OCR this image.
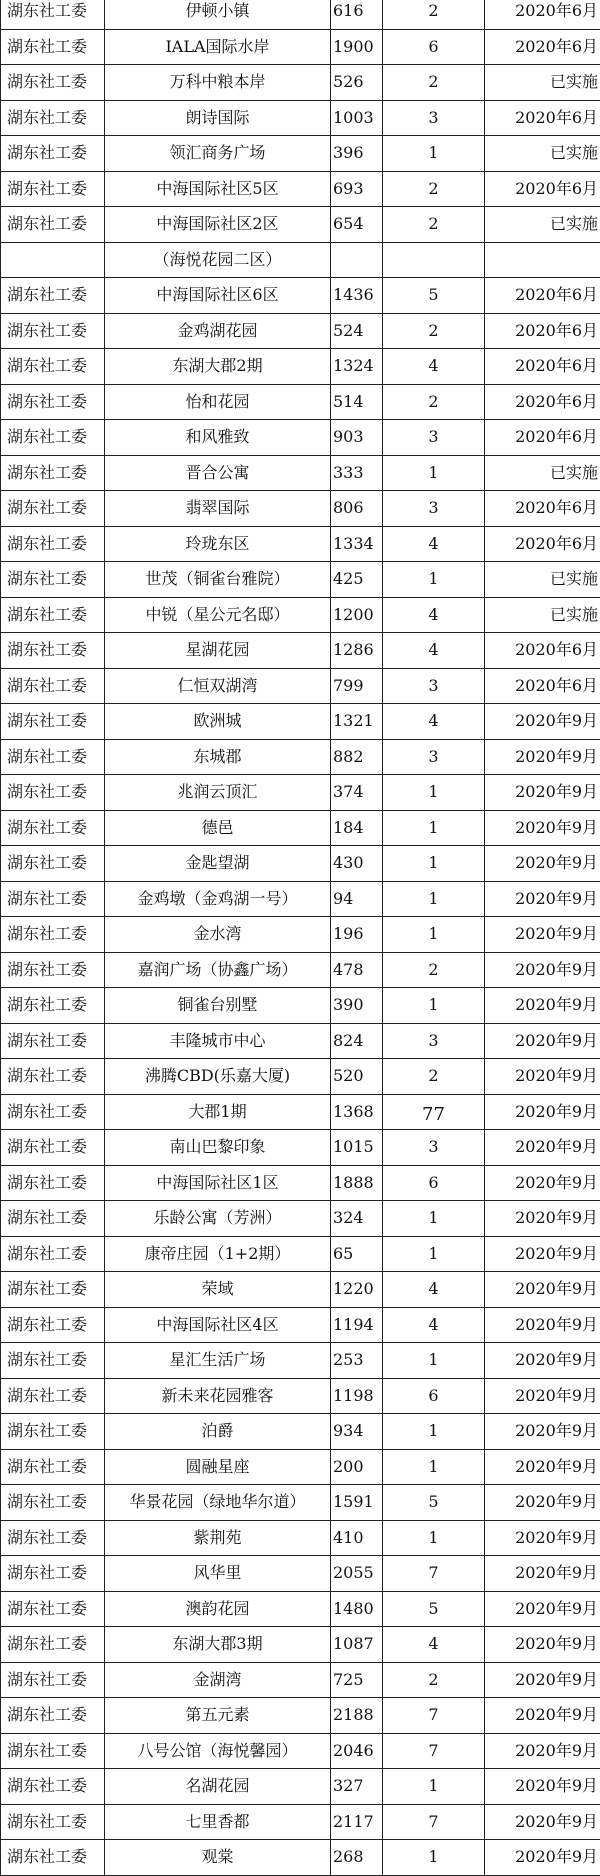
湖东社工委	伊顿小镇	616	2	2020年6月
湖东社工委	IALA国际水岸	1900	6	2020年6月
湖东社工委	万科中粮本岸	526	2	已实施
湖东社工委	朗诗国际	1003	3	2020年6月
湖东社工委	领汇商务广场	396	1	已实施
湖东社工委	中海国际社区5区	693	2	2020年6月
湖东社工委	中海国际社区2区	654	2	已实施
	（海悦花园二区）			
湖东社工委	中海国际社区6区	1436	5	2020年6月
湖东社工委	金鸡湖花园	524	2	2020年6月
湖东社工委	东湖大郡2期	1324	4	2020年6月
湖东社工委	怡和花园	514	2	2020年6月
湖东社工委	和风雅致	903	3	2020年6月
湖东社工委	晋合公寓	333	1	已实施
湖东社工委	翡翠国际	806	3	2020年6月
湖东社工委	玲珑东区	1334	4	2020年6月
湖东社工委	世茂（铜雀台雅院）	425	1	已实施
湖东社工委	中锐（星公元名邸）	1200	4	已实施
湖东社工委	星湖花园	1286	4	2020年6月
湖东社工委	仁恒双湖湾	799	3	2020年6月
湖东社工委	欧洲城	1321	4	2020年9月
湖东社工委	东城郡	882	3	2020年9月
湖东社工委	兆润云顶汇	374	1	2020年9月
湖东社工委	德邑	184	1	2020年9月
湖东社工委	金匙望湖	430	1	2020年9月
湖东社工委	金鸡墩（金鸡湖一号）	94	1	2020年9月
湖东社工委	金水湾	196	1	2020年9月
湖东社工委	嘉润广场（协鑫广场）	478	2	2020年9月
湖东社工委	铜雀台别墅	390	1	2020年9月
湖东社工委	丰隆城市中心	824	3	2020年9月
湖东社工委	沸腾CBD(乐嘉大厦)	520	2	2020年9月
湖东社工委	大郡1期	1368	77	2020年9月
湖东社工委	南山巴黎印象	1015	3	2020年9月
湖东社工委	中海国际社区1区	1888	6	2020年9月
湖东社工委	乐龄公寓（芳洲）	324	1	2020年9月
湖东社工委	康帝庄园（1+2期）	65	1	2020年9月
湖东社工委	荣域	1220	4	2020年9月
湖东社工委	中海国际社区4区	1194	4	2020年9月
湖东社工委	星汇生活广场	253	1	2020年9月
湖东社工委	新未来花园雅客	1198	6	2020年9月
湖东社工委	泊爵	934	1	2020年9月
湖东社工委	圆融星座	200	1	2020年9月
湖东社工委	华景花园（绿地华尔道）	1591	5	2020年9月
湖东社工委	紫荆苑	410	1	2020年9月
湖东社工委	风华里	2055	7	2020年9月
湖东社工委	澳韵花园	1480	5	2020年9月
湖东社工委	东湖大郡3期	1087	4	2020年9月
湖东社工委	金湖湾	725	2	2020年9月
湖东社工委	第五元素	2188	7	2020年9月
湖东社工委	八号公馆（海悦馨园）	2046	7	2020年9月
湖东社工委	名湖花园	327	1	2020年9月
湖东社工委	七里香都	2117	7	2020年9月
湖东社工委	观棠	268	1	2020年9月
